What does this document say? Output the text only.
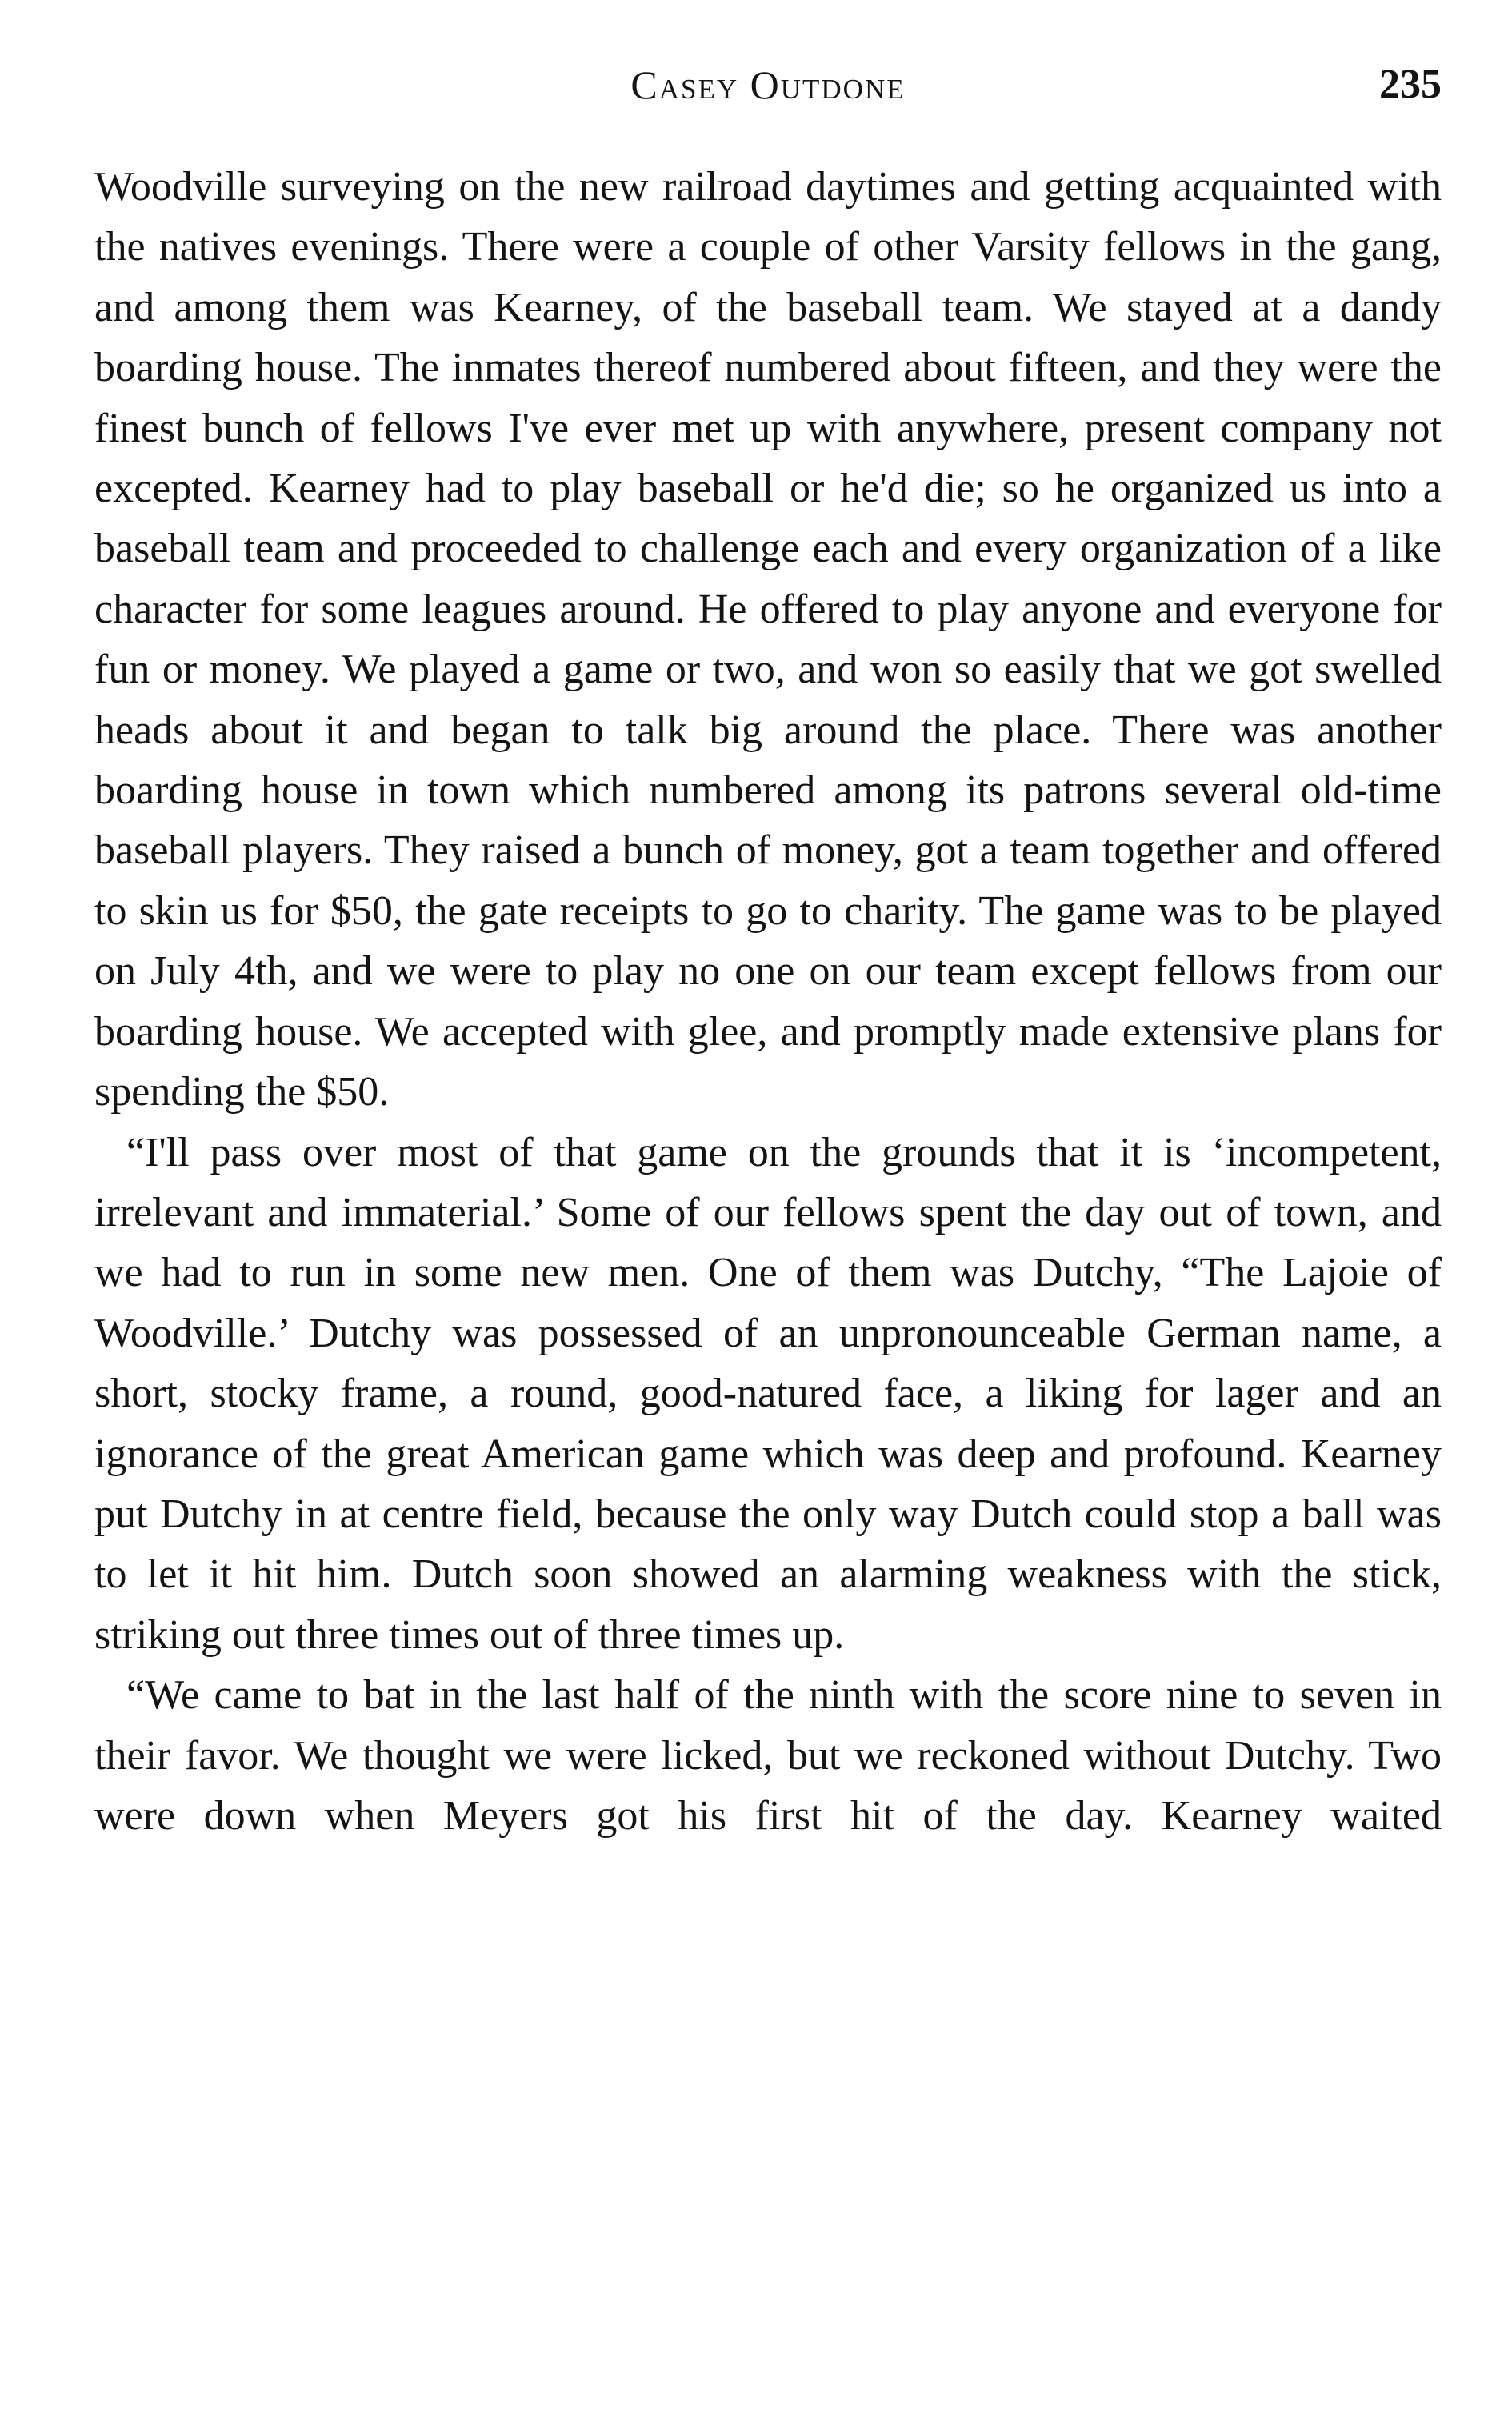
Casey Outdone	235

Woodville surveying on the new railroad daytimes and getting acquainted with the natives evenings. There were a couple of other Varsity fellows in the gang, and among them was Kearney, of the baseball team. We stayed at a dandy boarding house. The inmates thereof numbered about fifteen, and they were the finest bunch of fellows I've ever met up with anywhere, present company not excepted. Kearney had to play baseball or he'd die; so he organized us into a baseball team and proceeded to challenge each and every organization of a like character for some leagues around. He offered to play anyone and everyone for fun or money. We played a game or two, and won so easily that we got swelled heads about it and began to talk big around the place. There was another boarding house in town which numbered among its patrons several old-time baseball players. They raised a bunch of money, got a team together and offered to skin us for $50, the gate receipts to go to charity. The game was to be played on July 4th, and we were to play no one on our team except fellows from our boarding house. We accepted with glee, and promptly made extensive plans for spending the $50.

“I'll pass over most of that game on the grounds that it is ‘incompetent, irrelevant and immaterial.’ Some of our fellows spent the day out of town, and we had to run in some new men. One of them was Dutchy, “The Lajoie of Woodville.’ Dutchy was possessed of an unpronounceable German name, a short, stocky frame, a round, good-natured face, a liking for lager and an ignorance of the great American game which was deep and profound. Kearney put Dutchy in at centre field, because the only way Dutch could stop a ball was to let it hit him. Dutch soon showed an alarming weakness with the stick, striking out three times out of three times up.

“We came to bat in the last half of the ninth with the score nine to seven in their favor. We thought we were licked, but we reckoned without Dutchy. Two were down when Meyers got his first hit of the day. Kearney waited
